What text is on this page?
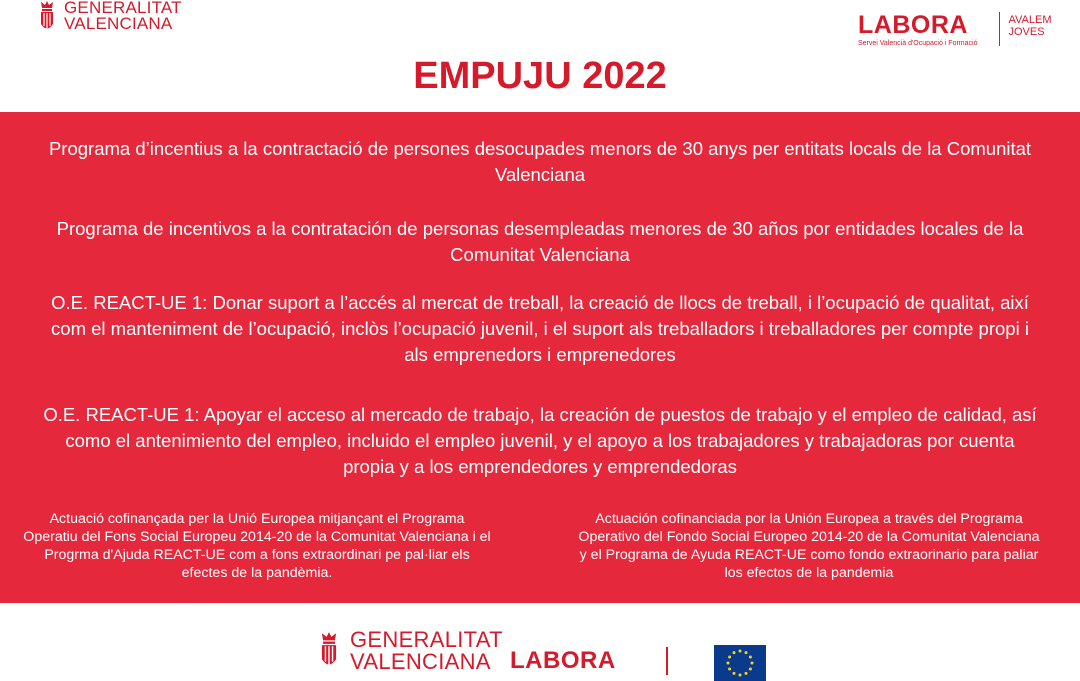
GENERALITAT
VALENCIANA	LABORA
Servei Valencià d'Ocupació i Formació
AVALEM
JOVES
EMPUJU 2022
Programa d’incentius a la contractació de persones desocupades menors de 30 anys per entitats locals de la Comunitat Valenciana
Programa de incentivos a la contratación de personas desempleadas menores de 30 años por entidades locales de la Comunitat Valenciana
O.E. REACT-UE 1: Donar suport a l’accés al mercat de treball, la creació de llocs de treball, i l’ocupació de qualitat, així com el manteniment de l’ocupació, inclòs l’ocupació juvenil, i el suport als treballadors i treballadores per compte propi i als emprenedors i emprenedores
O.E. REACT-UE 1: Apoyar el acceso al mercado de trabajo, la creación de puestos de trabajo y el empleo de calidad, así como el antenimiento del empleo, incluido el empleo juvenil, y el apoyo a los trabajadores y trabajadoras por cuenta propia y a los emprendedores y emprendedoras
Actuació cofinançada per la Unió Europea mitjançant el Programa Operatiu del Fons Social Europeu 2014-20 de la Comunitat Valenciana i el Progrma d'Ajuda REACT-UE com a fons extraordinari pe pal·liar els efectes de la pandèmia.
Actuación cofinanciada por la Unión Europea a través del Programa Operativo del Fondo Social Europeo 2014-20 de la Comunitat Valenciana y el Programa de Ayuda REACT-UE como fondo extraorinario para paliar los efectos de la pandemia
GENERALITAT
VALENCIANA LABORA
